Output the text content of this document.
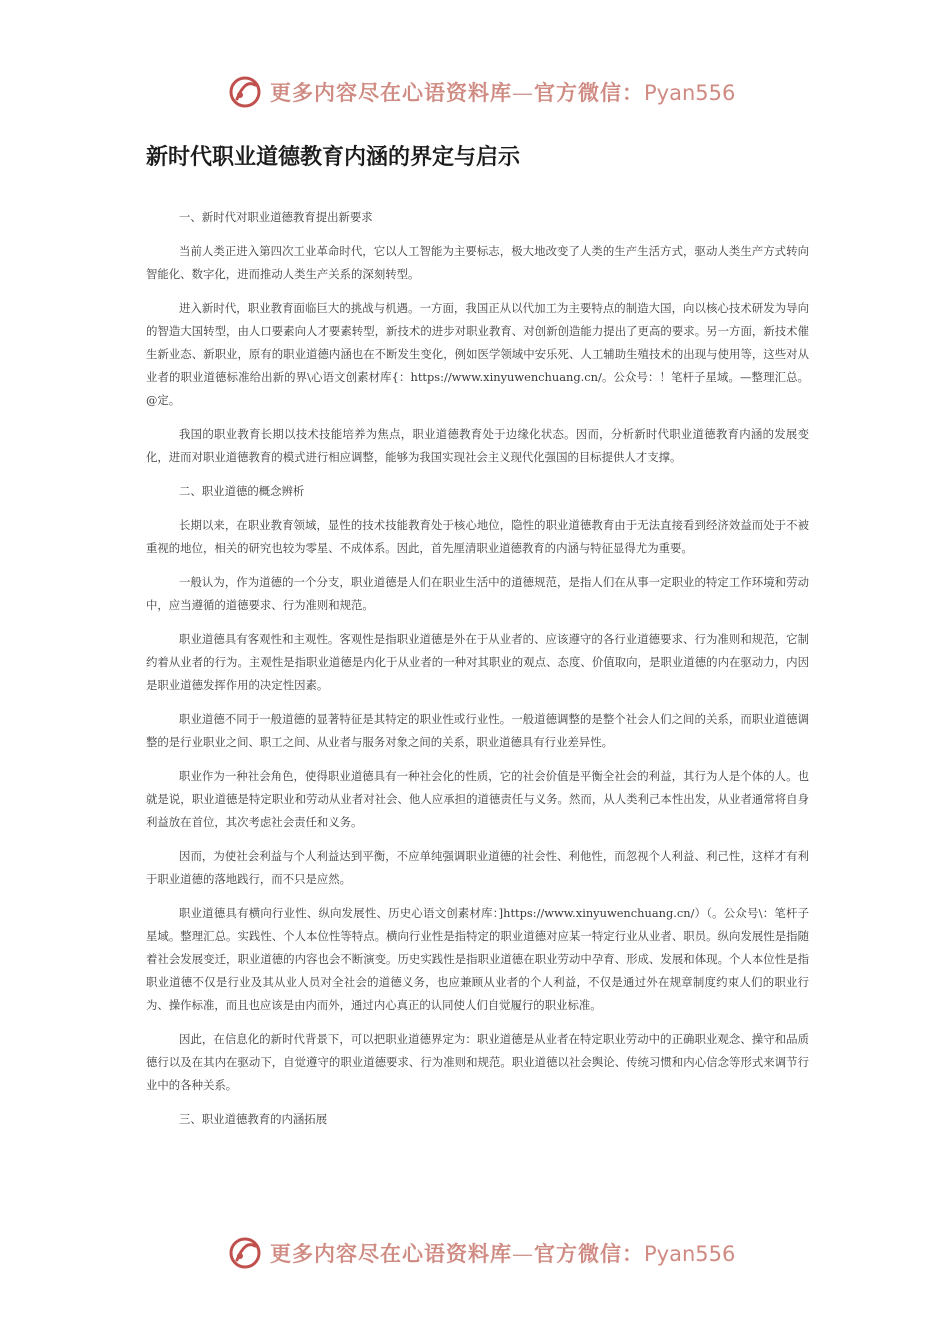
更多内容尽在心语资料库—官方微信：Pyan556
新时代职业道德教育内涵的界定与启示

一、新时代对职业道德教育提出新要求

当前人类正进入第四次工业革命时代，它以人工智能为主要标志，极大地改变了人类的生产生活方式，驱动人类生产方式转向智能化、数字化，进而推动人类生产关系的深刻转型。

进入新时代，职业教育面临巨大的挑战与机遇。一方面，我国正从以代加工为主要特点的制造大国，向以核心技术研发为导向的智造大国转型，由人口要素向人才要素转型，新技术的进步对职业教育、对创新创造能力提出了更高的要求。另一方面，新技术催生新业态、新职业，原有的职业道德内涵也在不断发生变化，例如医学领域中安乐死、人工辅助生殖技术的出现与使用等，这些对从业者的职业道德标准给出新的界\心语文创素材库{：https://www.xinyuwenchuang.cn/。公众号：！笔杆子星域。—整理汇总。@定。

我国的职业教育长期以技术技能培养为焦点，职业道德教育处于边缘化状态。因而，分析新时代职业道德教育内涵的发展变化，进而对职业道德教育的模式进行相应调整，能够为我国实现社会主义现代化强国的目标提供人才支撑。

二、职业道德的概念辨析

长期以来，在职业教育领域，显性的技术技能教育处于核心地位，隐性的职业道德教育由于无法直接看到经济效益而处于不被重视的地位，相关的研究也较为零星、不成体系。因此，首先厘清职业道德教育的内涵与特征显得尤为重要。

一般认为，作为道德的一个分支，职业道德是人们在职业生活中的道德规范，是指人们在从事一定职业的特定工作环境和劳动中，应当遵循的道德要求、行为准则和规范。

职业道德具有客观性和主观性。客观性是指职业道德是外在于从业者的、应该遵守的各行业道德要求、行为准则和规范，它制约着从业者的行为。主观性是指职业道德是内化于从业者的一种对其职业的观点、态度、价值取向，是职业道德的内在驱动力，内因是职业道德发挥作用的决定性因素。

职业道德不同于一般道德的显著特征是其特定的职业性或行业性。一般道德调整的是整个社会人们之间的关系，而职业道德调整的是行业职业之间、职工之间、从业者与服务对象之间的关系，职业道德具有行业差异性。

职业作为一种社会角色，使得职业道德具有一种社会化的性质，它的社会价值是平衡全社会的利益，其行为人是个体的人。也就是说，职业道德是特定职业和劳动从业者对社会、他人应承担的道德责任与义务。然而，从人类利己本性出发，从业者通常将自身利益放在首位，其次考虑社会责任和义务。

因而，为使社会利益与个人利益达到平衡，不应单纯强调职业道德的社会性、利他性，而忽视个人利益、利己性，这样才有利于职业道德的落地践行，而不只是应然。

职业道德具有横向行业性、纵向发展性、历史心语文创素材库：]https://www.xinyuwenchuang.cn/）（。公众号\：笔杆子星域。整理汇总。实践性、个人本位性等特点。横向行业性是指特定的职业道德对应某一特定行业从业者、职员。纵向发展性是指随着社会发展变迁，职业道德的内容也会不断演变。历史实践性是指职业道德在职业劳动中孕育、形成、发展和体现。个人本位性是指职业道德不仅是行业及其从业人员对全社会的道德义务，也应兼顾从业者的个人利益，不仅是通过外在规章制度约束人们的职业行为、操作标准，而且也应该是由内而外，通过内心真正的认同使人们自觉履行的职业标准。

因此，在信息化的新时代背景下，可以把职业道德界定为：职业道德是从业者在特定职业劳动中的正确职业观念、操守和品质德行以及在其内在驱动下，自觉遵守的职业道德要求、行为准则和规范。职业道德以社会舆论、传统习惯和内心信念等形式来调节行业中的各种关系。

三、职业道德教育的内涵拓展

更多内容尽在心语资料库—官方微信：Pyan556
